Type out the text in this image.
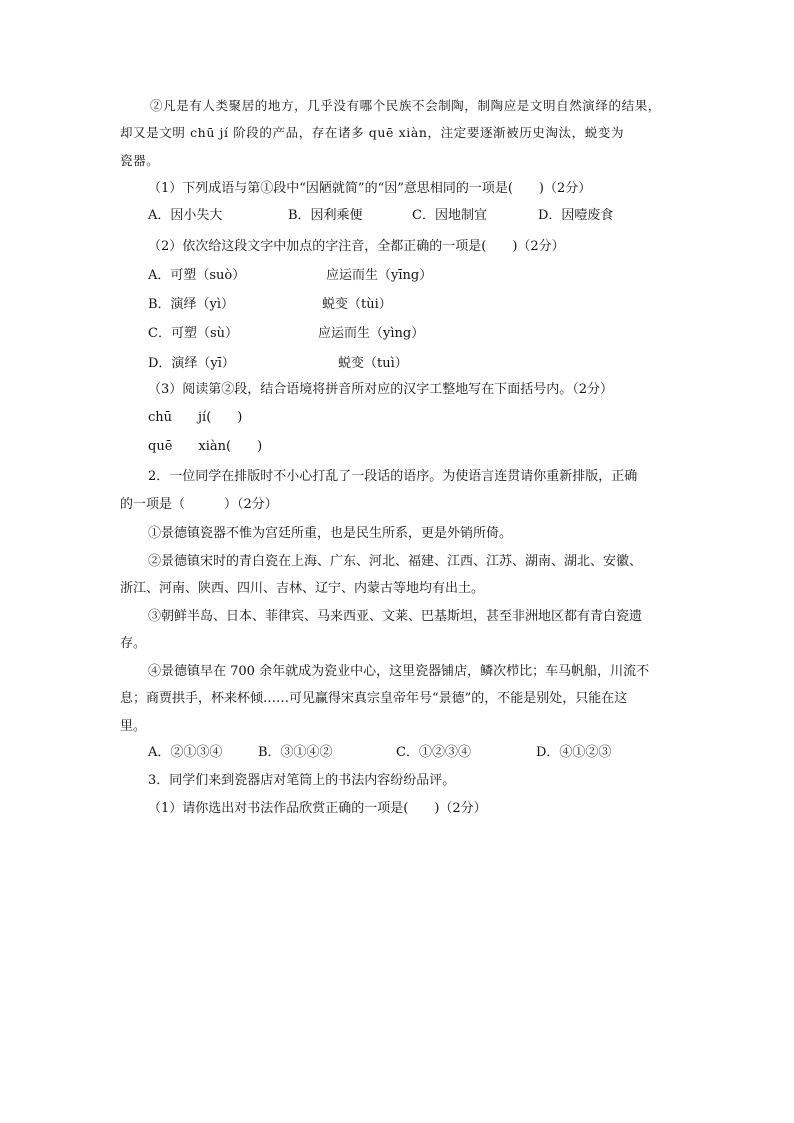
②凡是有人类聚居的地方，几乎没有哪个民族不会制陶，制陶应是文明自然演绎的结果，
却又是文明 chū jí 阶段的产品，存在诸多 quē xiàn，注定要逐渐被历史淘汰，蜕变为
瓷器。
（1）下列成语与第①段中“因陋就简”的“因”意思相同的一项是(　　)（2分）
A．因小失大	B．因利乘便	C．因地制宜	D．因噎废食
（2）依次给这段文字中加点的字注音，全都正确的一项是(　　)（2分）
A．可塑（suò）	应运而生（yīng）
B．演绎（yì）	蜕变（tùi）
C．可塑（sù）	应运而生（yìng）
D．演绎（yī）	蜕变（tuì）
（3）阅读第②段，结合语境将拼音所对应的汉字工整地写在下面括号内。（2分）
chū　　jí(　　)
quē　　xiàn(　　)
2．一位同学在排版时不小心打乱了一段话的语序。为使语言连贯请你重新排版，正确
的一项是（　　　）（2分）
①景德镇瓷器不惟为宫廷所重，也是民生所系，更是外销所倚。
②景德镇宋时的青白瓷在上海、广东、河北、福建、江西、江苏、湖南、湖北、安徽、
浙江、河南、陕西、四川、吉林、辽宁、内蒙古等地均有出土。
③朝鲜半岛、日本、菲律宾、马来西亚、文莱、巴基斯坦，甚至非洲地区都有青白瓷遗
存。
④景德镇早在 700 余年就成为瓷业中心，这里瓷器铺店，鳞次栉比；车马帆船，川流不
息；商贾拱手，杯来杯倾……可见赢得宋真宗皇帝年号“景德”的，不能是别处，只能在这
里。
A．②①③④	B．③①④②	C．①②③④	D．④①②③
3．同学们来到瓷器店对笔筒上的书法内容纷纷品评。
（1）请你选出对书法作品欣赏正确的一项是(　　)（2分）
